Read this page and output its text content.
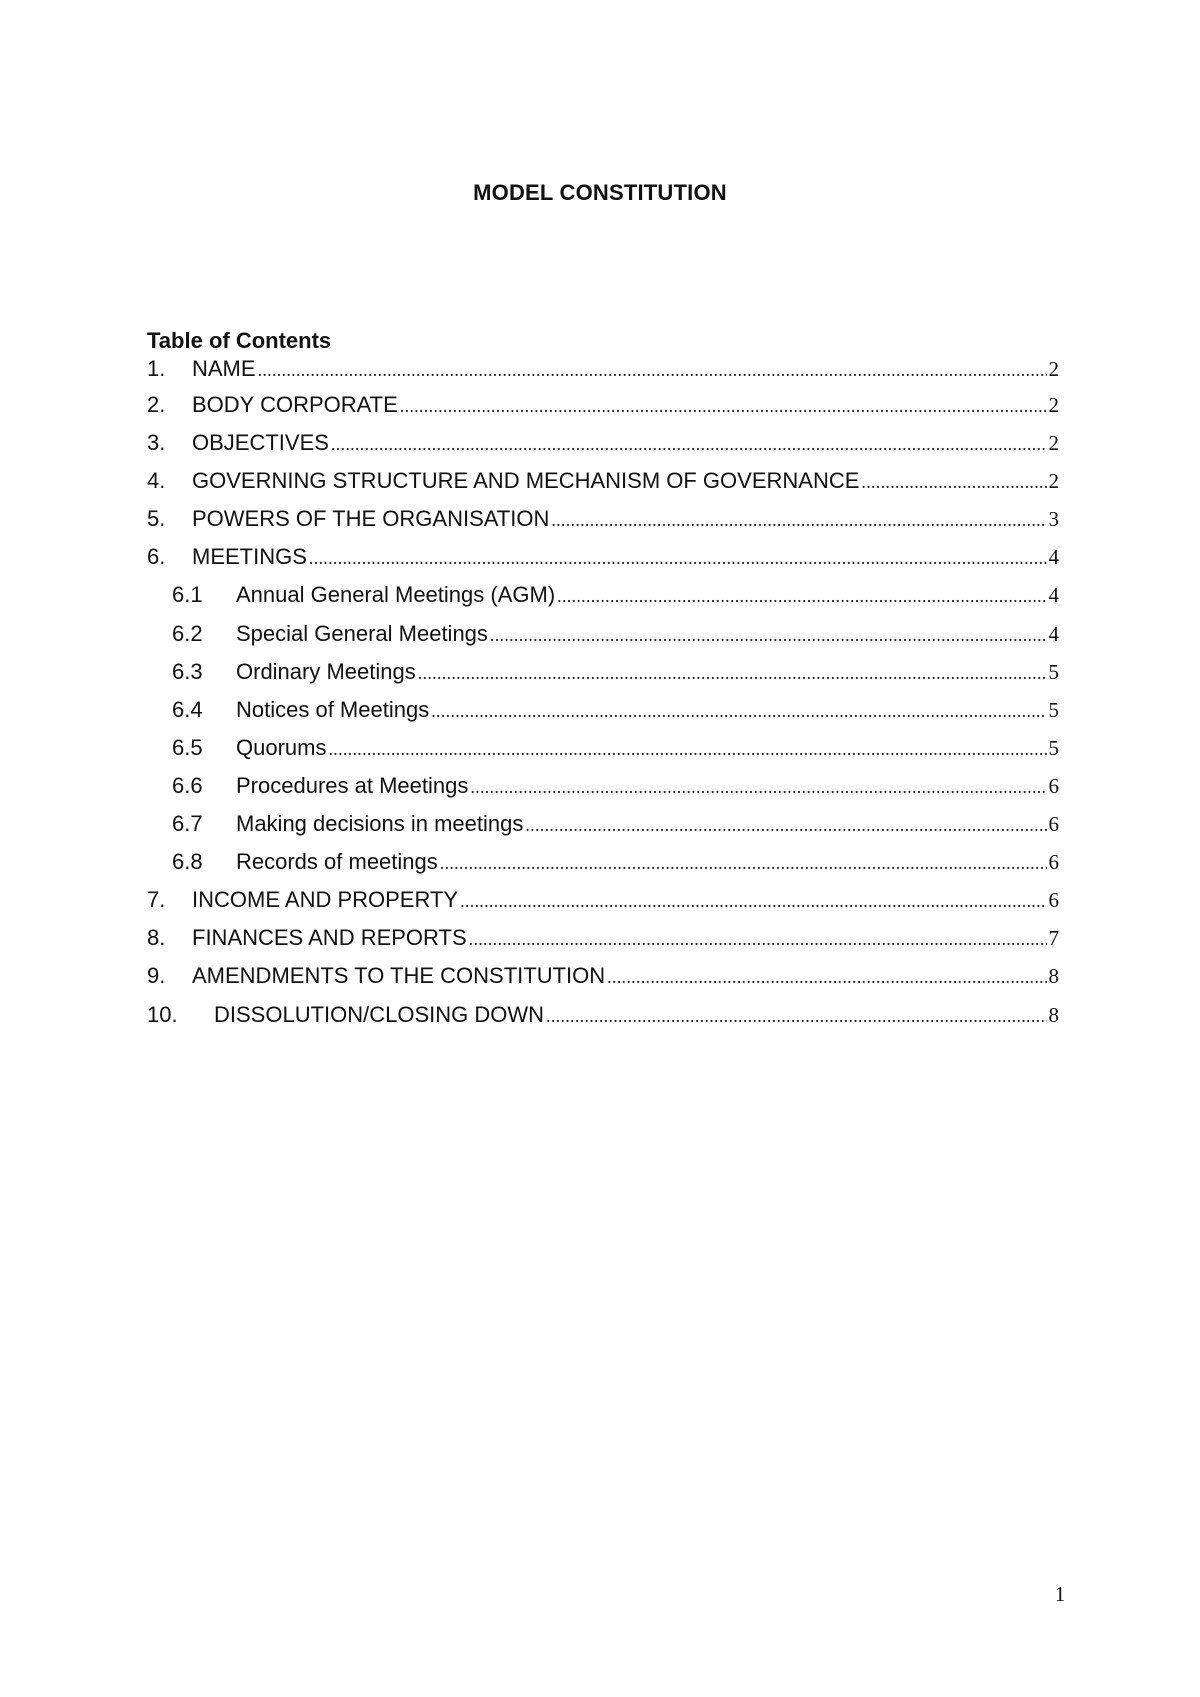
MODEL CONSTITUTION
Table of Contents
1.	NAME .....	2
2.	BODY CORPORATE .....	2
3.	OBJECTIVES .....	2
4.	GOVERNING STRUCTURE AND MECHANISM OF GOVERNANCE .....	2
5.	POWERS OF THE ORGANISATION .....	3
6.	MEETINGS .....	4
6.1	Annual General Meetings (AGM) .....	4
6.2	Special General Meetings .....	4
6.3	Ordinary Meetings .....	5
6.4	Notices of Meetings .....	5
6.5	Quorums .....	5
6.6	Procedures at Meetings .....	6
6.7	Making decisions in meetings .....	6
6.8	Records of meetings .....	6
7.	INCOME AND PROPERTY .....	6
8.	FINANCES AND REPORTS .....	7
9.	AMENDMENTS TO THE CONSTITUTION .....	8
10.	DISSOLUTION/CLOSING DOWN .....	8
1
